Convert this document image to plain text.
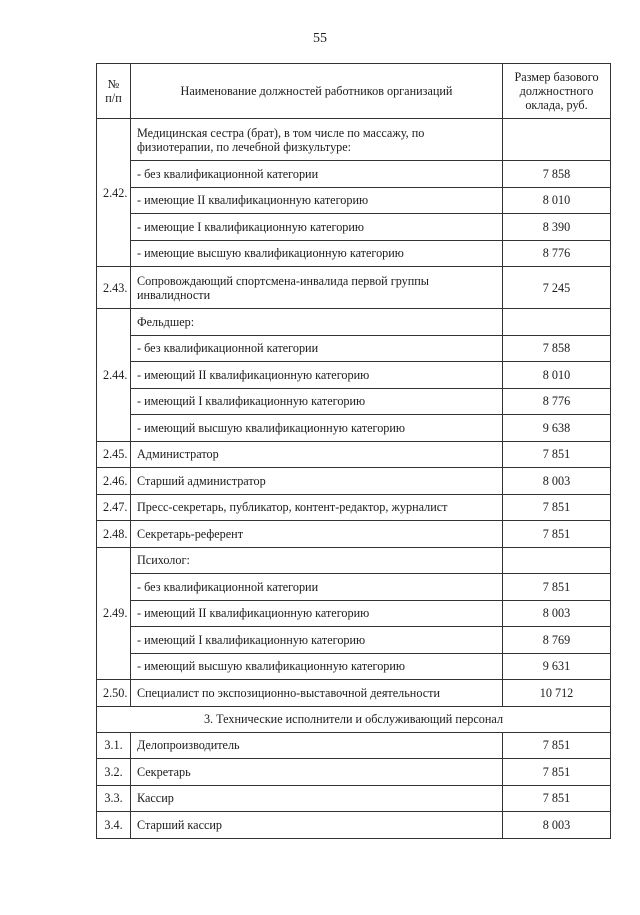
55
№
п/п	Наименование должностей работников организаций	Размер базового должностного оклада, руб.
2.42.	Медицинская сестра (брат), в том числе по массажу, по физиотерапии, по лечебной физкультуре:	
	- без квалификационной категории	7 858
	- имеющие II квалификационную категорию	8 010
	- имеющие I квалификационную категорию	8 390
	- имеющие высшую квалификационную категорию	8 776
2.43.	Сопровождающий спортсмена-инвалида первой группы инвалидности	7 245
2.44.	Фельдшер:	
	- без квалификационной категории	7 858
	- имеющий II квалификационную категорию	8 010
	- имеющий I квалификационную категорию	8 776
	- имеющий высшую квалификационную категорию	9 638
2.45.	Администратор	7 851
2.46.	Старший администратор	8 003
2.47.	Пресс-секретарь, публикатор, контент-редактор, журналист	7 851
2.48.	Секретарь-референт	7 851
2.49.	Психолог:	
	- без квалификационной категории	7 851
	- имеющий II квалификационную категорию	8 003
	- имеющий I квалификационную категорию	8 769
	- имеющий высшую квалификационную категорию	9 631
2.50.	Специалист по экспозиционно-выставочной деятельности	10 712
3. Технические исполнители и обслуживающий персонал		
3.1.	Делопроизводитель	7 851
3.2.	Секретарь	7 851
3.3.	Кассир	7 851
3.4.	Старший кассир	8 003
